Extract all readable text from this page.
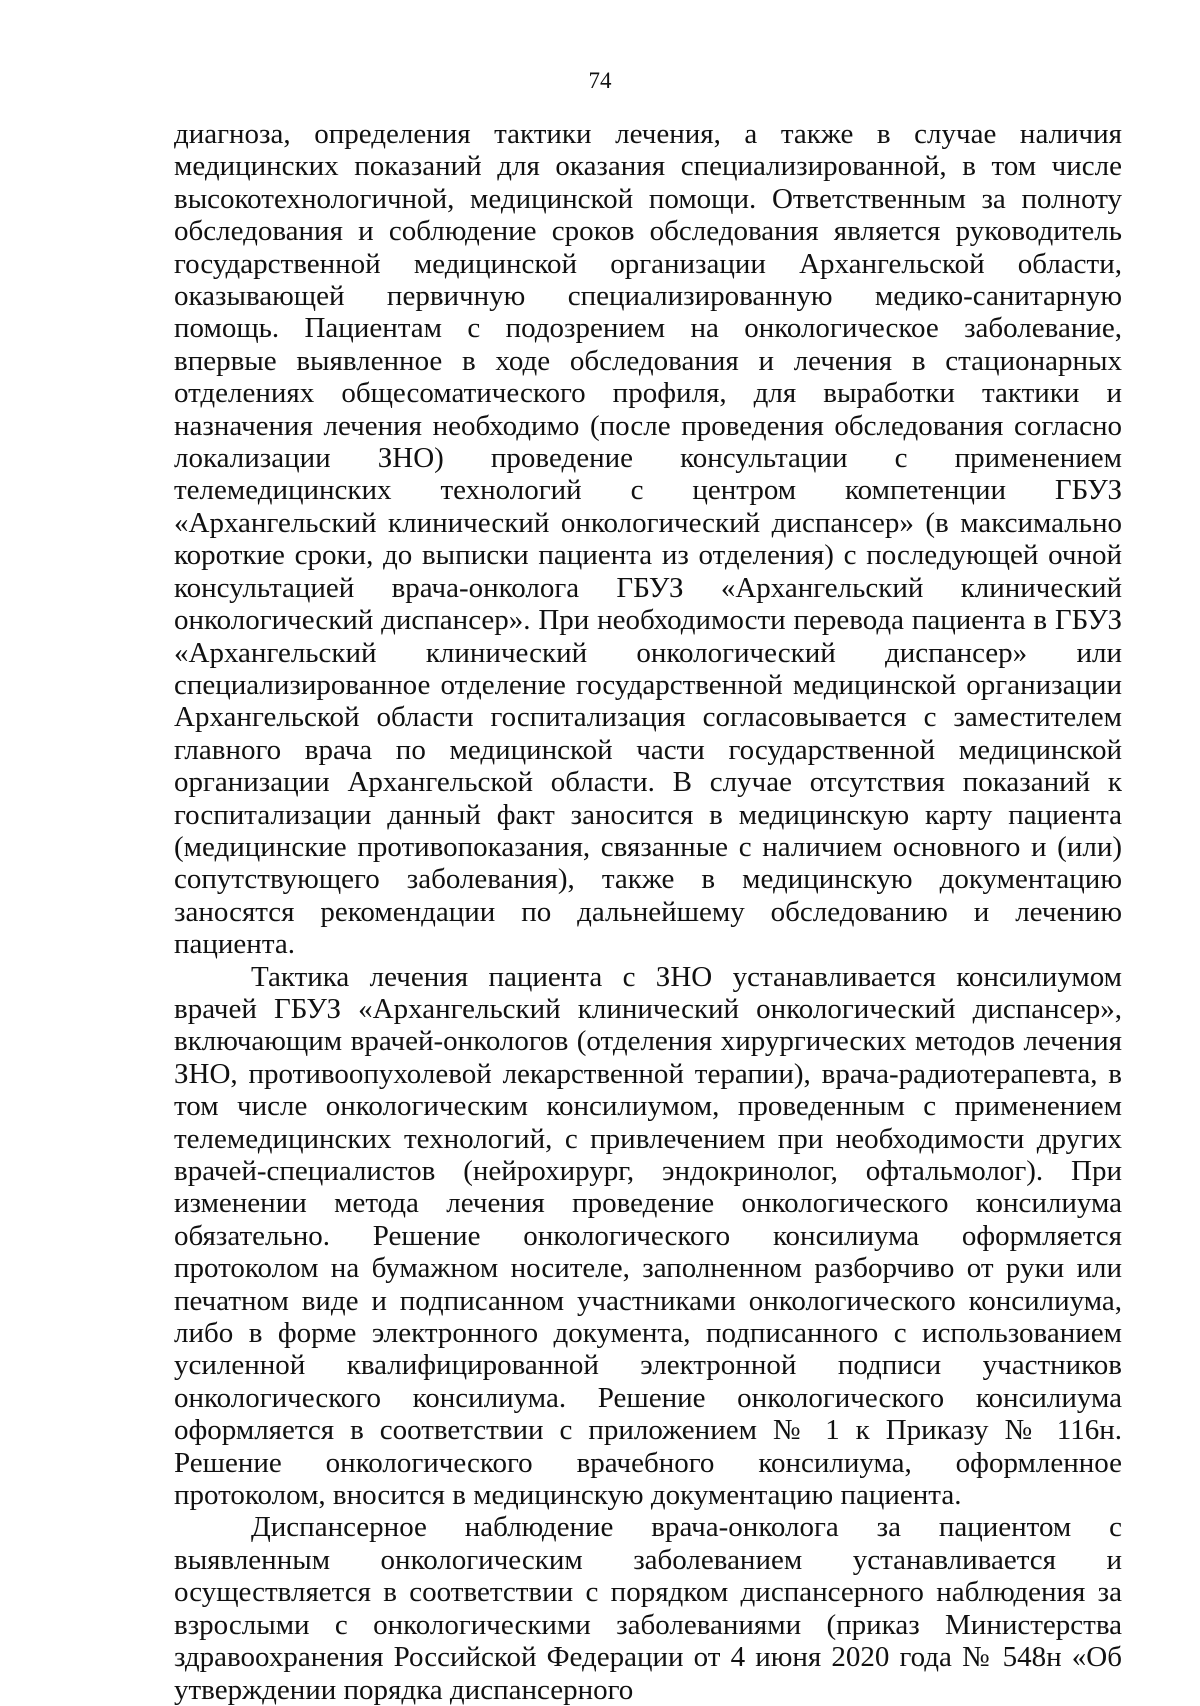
74

диагноза, определения тактики лечения, а также в случае наличия медицинских показаний для оказания специализированной, в том числе высокотехнологичной, медицинской помощи. Ответственным за полноту обследования и соблюдение сроков обследования является руководитель государственной медицинской организации Архангельской области, оказывающей первичную специализированную медико-санитарную помощь. Пациентам с подозрением на онкологическое заболевание, впервые выявленное в ходе обследования и лечения в стационарных отделениях общесоматического профиля, для выработки тактики и назначения лечения необходимо (после проведения обследования согласно локализации ЗНО) проведение консультации с применением телемедицинских технологий с центром компетенции ГБУЗ «Архангельский клинический онкологический диспансер» (в максимально короткие сроки, до выписки пациента из отделения) с последующей очной консультацией врача-онколога ГБУЗ «Архангельский клинический онкологический диспансер». При необходимости перевода пациента в ГБУЗ «Архангельский клинический онкологический диспансер» или специализированное отделение государственной медицинской организации Архангельской области госпитализация согласовывается с заместителем главного врача по медицинской части государственной медицинской организации Архангельской области. В случае отсутствия показаний к госпитализации данный факт заносится в медицинскую карту пациента (медицинские противопоказания, связанные с наличием основного и (или) сопутствующего заболевания), также в медицинскую документацию заносятся рекомендации по дальнейшему обследованию и лечению пациента.

Тактика лечения пациента с ЗНО устанавливается консилиумом врачей ГБУЗ «Архангельский клинический онкологический диспансер», включающим врачей-онкологов (отделения хирургических методов лечения ЗНО, противоопухолевой лекарственной терапии), врача-радиотерапевта, в том числе онкологическим консилиумом, проведенным с применением телемедицинских технологий, с привлечением при необходимости других врачей-специалистов (нейрохирург, эндокринолог, офтальмолог). При изменении метода лечения проведение онкологического консилиума обязательно. Решение онкологического консилиума оформляется протоколом на бумажном носителе, заполненном разборчиво от руки или печатном виде и подписанном участниками онкологического консилиума, либо в форме электронного документа, подписанного с использованием усиленной квалифицированной электронной подписи участников онкологического консилиума. Решение онкологического консилиума оформляется в соответствии с приложением № 1 к Приказу № 116н. Решение онкологического врачебного консилиума, оформленное протоколом, вносится в медицинскую документацию пациента.

Диспансерное наблюдение врача-онколога за пациентом с выявленным онкологическим заболеванием устанавливается и осуществляется в соответствии с порядком диспансерного наблюдения за взрослыми с онкологическими заболеваниями (приказ Министерства здравоохранения Российской Федерации от 4 июня 2020 года № 548н «Об утверждении порядка диспансерного
